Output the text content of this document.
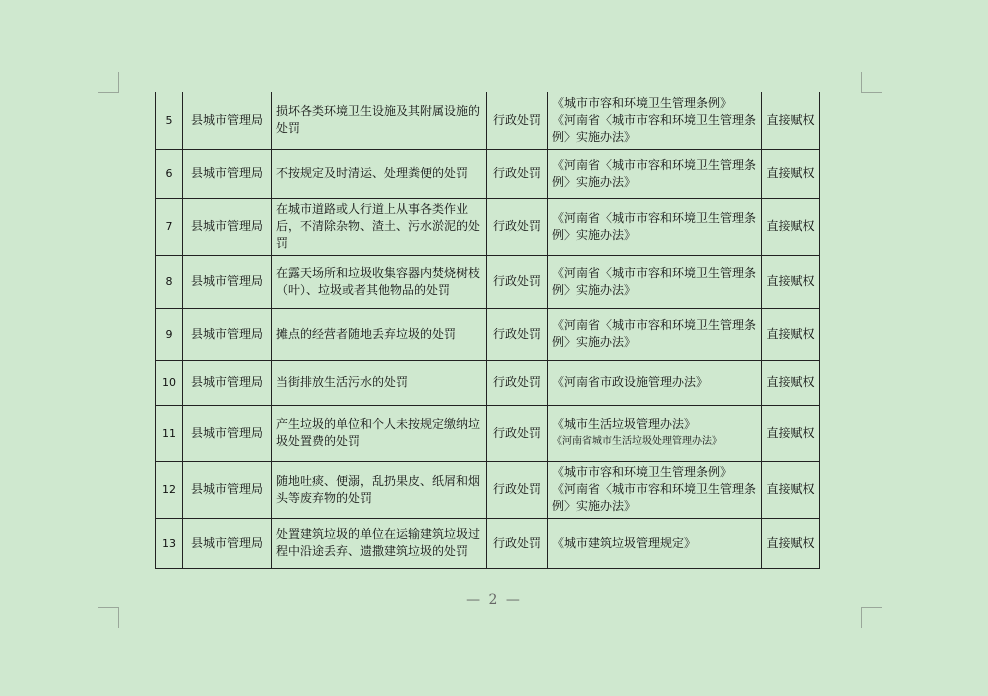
5	县城市管理局	损坏各类环境卫生设施及其附属设施的处罚	行政处罚	《城市市容和环境卫生管理条例》
《河南省〈城市市容和环境卫生管理条例〉实施办法》	直接赋权
6	县城市管理局	不按规定及时清运、处理粪便的处罚	行政处罚	《河南省〈城市市容和环境卫生管理条例〉实施办法》	直接赋权
7	县城市管理局	在城市道路或人行道上从事各类作业后，不清除杂物、渣土、污水淤泥的处罚	行政处罚	《河南省〈城市市容和环境卫生管理条例〉实施办法》	直接赋权
8	县城市管理局	在露天场所和垃圾收集容器内焚烧树枝（叶）、垃圾或者其他物品的处罚	行政处罚	《河南省〈城市市容和环境卫生管理条例〉实施办法》	直接赋权
9	县城市管理局	摊点的经营者随地丢弃垃圾的处罚	行政处罚	《河南省〈城市市容和环境卫生管理条例〉实施办法》	直接赋权
10	县城市管理局	当街排放生活污水的处罚	行政处罚	《河南省市政设施管理办法》	直接赋权
11	县城市管理局	产生垃圾的单位和个人未按规定缴纳垃圾处置费的处罚	行政处罚	《城市生活垃圾管理办法》
《河南省城市生活垃圾处理管理办法》	直接赋权
12	县城市管理局	随地吐痰、便溺，乱扔果皮、纸屑和烟头等废弃物的处罚	行政处罚	《城市市容和环境卫生管理条例》
《河南省〈城市市容和环境卫生管理条例〉实施办法》	直接赋权
13	县城市管理局	处置建筑垃圾的单位在运输建筑垃圾过程中沿途丢弃、遗撒建筑垃圾的处罚	行政处罚	《城市建筑垃圾管理规定》	直接赋权
— 2 —
